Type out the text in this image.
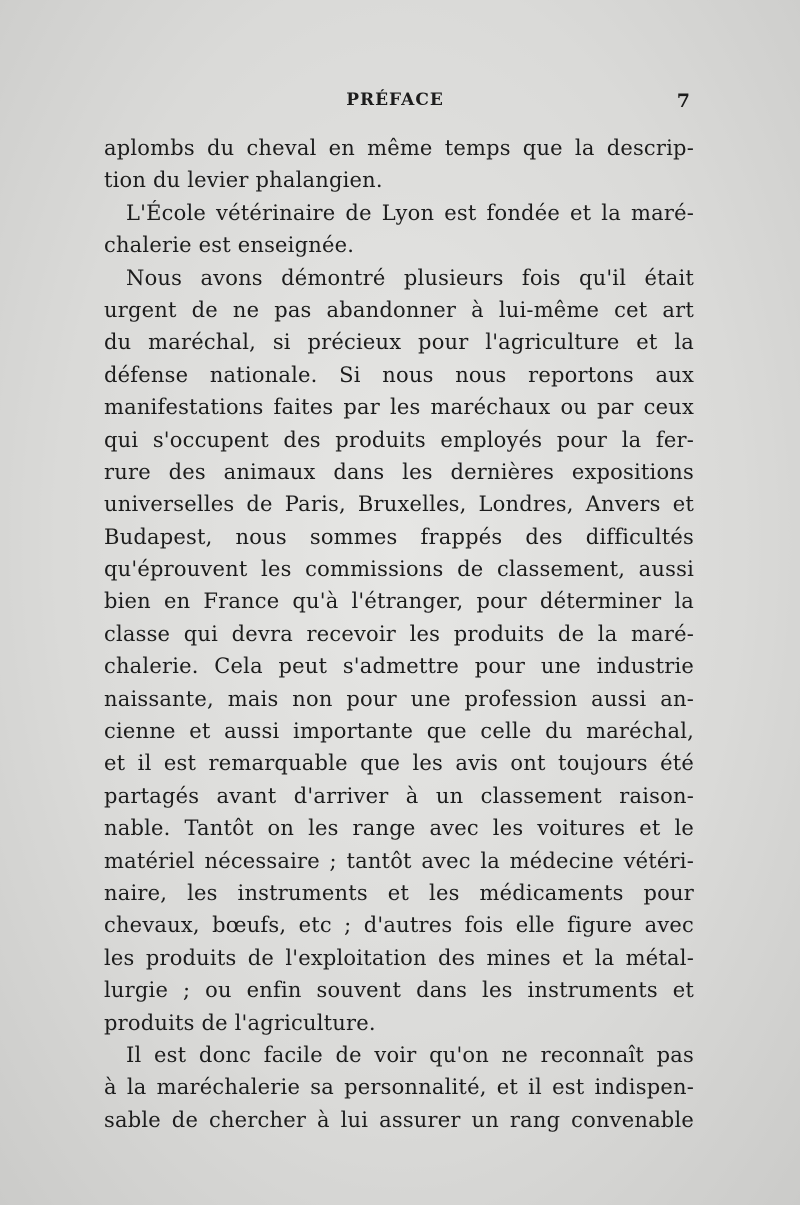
PRÉFACE	7
aplombs du cheval en même temps que la descrip-
tion du levier phalangien.
L'École vétérinaire de Lyon est fondée et la maré-
chalerie est enseignée.
Nous avons démontré plusieurs fois qu'il était
urgent de ne pas abandonner à lui-même cet art
du maréchal, si précieux pour l'agriculture et la
défense nationale. Si nous nous reportons aux
manifestations faites par les maréchaux ou par ceux
qui s'occupent des produits employés pour la fer-
rure des animaux dans les dernières expositions
universelles de Paris, Bruxelles, Londres, Anvers et
Budapest, nous sommes frappés des difficultés
qu'éprouvent les commissions de classement, aussi
bien en France qu'à l'étranger, pour déterminer la
classe qui devra recevoir les produits de la maré-
chalerie. Cela peut s'admettre pour une industrie
naissante, mais non pour une profession aussi an-
cienne et aussi importante que celle du maréchal,
et il est remarquable que les avis ont toujours été
partagés avant d'arriver à un classement raison-
nable. Tantôt on les range avec les voitures et le
matériel nécessaire ; tantôt avec la médecine vétéri-
naire, les instruments et les médicaments pour
chevaux, bœufs, etc ; d'autres fois elle figure avec
les produits de l'exploitation des mines et la métal-
lurgie ; ou enfin souvent dans les instruments et
produits de l'agriculture.
Il est donc facile de voir qu'on ne reconnaît pas
à la maréchalerie sa personnalité, et il est indispen-
sable de chercher à lui assurer un rang convenable
